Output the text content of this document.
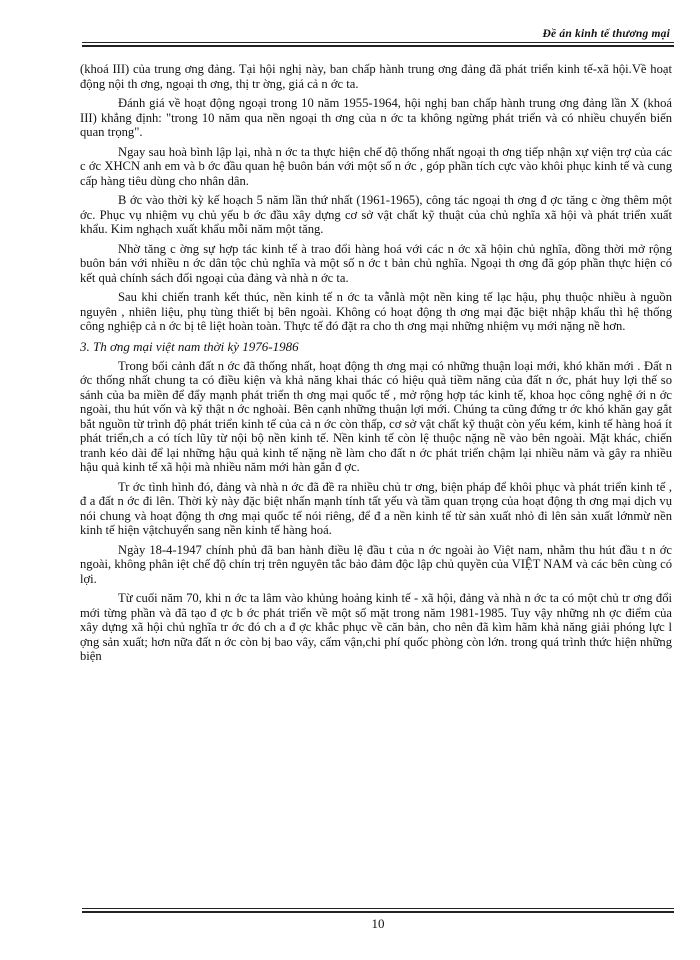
Đề án kinh tế thương mại

(khoá III) của trung ơng đảng. Tại hội nghị này, ban chấp hành trung ơng đảng đã phát triển kinh tế-xã hội.Về hoạt động nội th ơng, ngoại th ơng, thị tr ờng, giá cả n ớc ta.

Đánh giá về hoạt động ngoại trong 10 năm 1955-1964, hội nghị ban chấp hành trung ơng đảng lần X (khoá III) khẳng định: "trong 10 năm qua nền ngoại th ơng của n ớc ta không ngừng phát triển và có nhiều chuyển biến quan trọng".

Ngay sau hoà bình lập lại, nhà n ớc ta thực hiện chế độ thống nhất ngoại th ơng tiếp nhận xự viện trợ của các c ớc XHCN anh em và b ớc đầu quan hệ buôn bán với một số n ớc , góp phần tích cực vào khôi phục kinh tế và cung cấp hàng tiêu dùng cho nhân dân.

B ớc vào thời kỳ kế hoạch 5 năm lần thứ nhất (1961-1965), công tác ngoại th ơng đ ợc tăng c ờng thêm một ớc. Phục vụ nhiệm vụ chủ yếu b ớc đầu xây dựng cơ sở vật chất kỹ thuật của chủ nghĩa xã hội và phát triển xuất khẩu. Kim nghạch xuất khẩu mỗi năm một tăng.

Nhờ tăng c ờng sự hợp tác kinh tế à trao đổi hàng hoá với các n ớc xã hộin chủ nghĩa, đồng thời mở rộng buôn bán với nhiều n ớc dân tộc chủ nghĩa và một số n ớc t bản chủ nghĩa. Ngoại th ơng đã góp phần thực hiện có kết quả chính sách đối ngoại của đảng và nhà n ớc ta.

Sau khi chiến tranh kết thúc, nền kinh tế n ớc ta vẫnlà một nền king tế lạc hậu, phụ thuộc nhiều à nguồn nguyên , nhiên liệu, phụ tùng thiết bị bên ngoài. Không có hoạt động th ơng mại đặc biệt nhập khẩu thì hệ thống công nghiệp cả n ớc bị tê liệt hoàn toàn. Thực tế đó đặt ra cho th ơng mại những nhiệm vụ mới nặng nề hơn.

3. Th ơng mại việt nam thời kỳ 1976-1986

Trong bối cảnh đất n ớc đã thống nhất, hoạt động th ơng mại có những thuận loại mới, khó khăn mới . Đất n ớc thống nhất chung ta có điều kiện và khả năng khai thác có hiệu quả tiềm năng của đất n ớc, phát huy lợi thế so sánh của ba miền để đẩy mạnh phát triển th ơng mại quốc tế , mở rộng hợp tác kinh tế, khoa học công nghệ ới n ớc ngoài, thu hút vốn và kỹ thật n ớc nghoài. Bên cạnh những thuận lợi mới. Chúng ta cũng đứng tr ớc khó khăn gay gắt bắt nguồn từ trình độ phát triển kinh tế của cả n ớc còn thấp, cơ sở vật chất kỹ thuật còn yếu kém, kinh tế hàng hoá ít phát triển,ch a có tích lũy từ nội bộ nền kinh tế. Nền kinh tế còn lệ thuộc nặng nề vào bên ngoài. Mặt khác, chiến tranh kéo dài để lại những hậu quả kinh tế nặng nề làm cho đất n ớc phát triển chậm lại nhiều năm và gây ra nhiều hậu quả kinh tế xã hội mà nhiều năm mới hàn gắn đ ợc.

Tr ớc tình hình đó, đảng và nhà n ớc đã đề ra nhiều chủ tr ơng, biện pháp để khôi phục và phát triển kinh tế , đ a đất n ớc đi lên. Thời kỳ này đặc biệt nhấn mạnh tính tất yếu và tầm quan trọng của hoạt động th ơng mại dịch vụ nói chung và hoạt động th ơng mại quốc tế nói riêng, để đ a nền kinh tế từ sản xuất nhỏ đi lên sản xuất lớnmừ nền kinh tế hiện vậtchuyển sang nền kinh tế hàng hoá.

Ngày 18-4-1947 chính phủ đã ban hành điều lệ đầu t của n ớc ngoài ào Việt nam, nhằm thu hút đầu t n ớc ngoài, không phân iệt chế độ chín trị trên nguyên tắc bảo đảm độc lập chủ quyền của VIỆT NAM và các bên cùng có lợi.

Từ cuối năm 70, khi n ớc ta lâm vào khủng hoảng kinh tế - xã hội, đảng và nhà n ớc ta có một chủ tr ơng đổi mới từng phần và đã tạo đ ợc b ớc phát triển về một số mặt trong năm 1981-1985. Tuy vậy những nh ợc điểm của xây dựng xã hội chủ nghĩa tr ớc đó ch a đ ợc khắc phục về căn bản, cho nên đã kìm hãm khả năng giải phóng lực l ợng sản xuất; hơn nữa đất n ớc còn bị bao vây, cấm vận,chi phí quốc phòng còn lớn. trong quá trình thức hiện những biện

10
